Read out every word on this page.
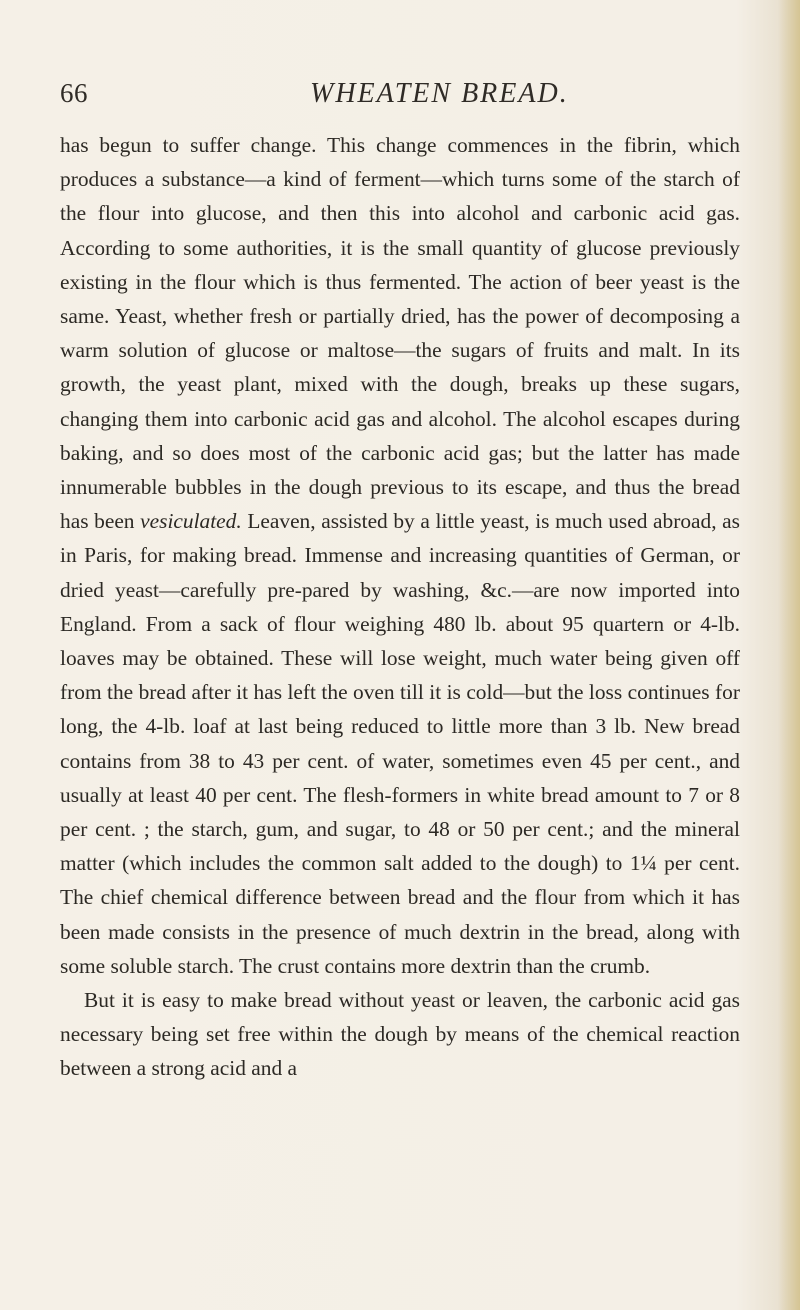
66	WHEATEN BREAD.

has begun to suffer change. This change commences in the fibrin, which produces a substance—a kind of ferment—which turns some of the starch of the flour into glucose, and then this into alcohol and carbonic acid gas. According to some authorities, it is the small quantity of glucose previously existing in the flour which is thus fermented. The action of beer yeast is the same. Yeast, whether fresh or partially dried, has the power of decomposing a warm solution of glucose or maltose—the sugars of fruits and malt. In its growth, the yeast plant, mixed with the dough, breaks up these sugars, changing them into carbonic acid gas and alcohol. The alcohol escapes during baking, and so does most of the carbonic acid gas; but the latter has made innumerable bubbles in the dough previous to its escape, and thus the bread has been vesiculated. Leaven, assisted by a little yeast, is much used abroad, as in Paris, for making bread. Immense and increasing quantities of German, or dried yeast—carefully pre-pared by washing, &c.—are now imported into England. From a sack of flour weighing 480 lb. about 95 quartern or 4-lb. loaves may be obtained. These will lose weight, much water being given off from the bread after it has left the oven till it is cold—but the loss continues for long, the 4-lb. loaf at last being reduced to little more than 3 lb. New bread contains from 38 to 43 per cent. of water, sometimes even 45 per cent., and usually at least 40 per cent. The flesh-formers in white bread amount to 7 or 8 per cent. ; the starch, gum, and sugar, to 48 or 50 per cent.; and the mineral matter (which includes the common salt added to the dough) to 1¼ per cent. The chief chemical difference between bread and the flour from which it has been made consists in the presence of much dextrin in the bread, along with some soluble starch. The crust contains more dextrin than the crumb.

But it is easy to make bread without yeast or leaven, the carbonic acid gas necessary being set free within the dough by means of the chemical reaction between a strong acid and a
